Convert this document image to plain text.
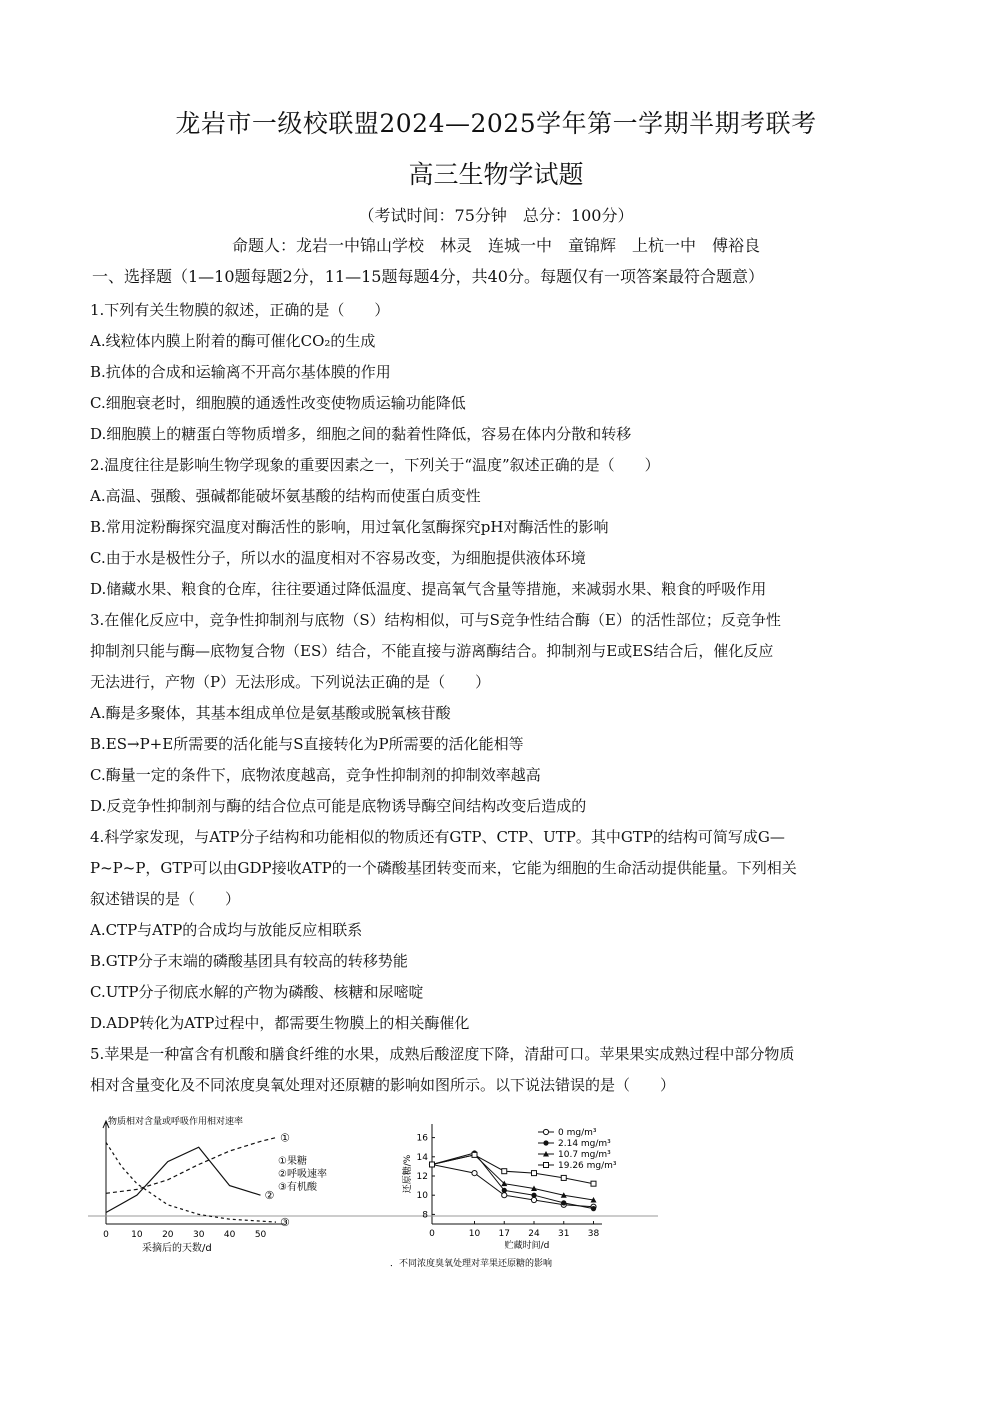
龙岩市一级校联盟2024—2025学年第一学期半期考联考
高三生物学试题
（考试时间：75分钟　总分：100分）
命题人：龙岩一中锦山学校　林灵　连城一中　童锦辉　上杭一中　傅裕良
一、选择题（1—10题每题2分，11—15题每题4分，共40分。每题仅有一项答案最符合题意）
1.下列有关生物膜的叙述，正确的是（　　）
A.线粒体内膜上附着的酶可催化CO₂的生成
B.抗体的合成和运输离不开高尔基体膜的作用
C.细胞衰老时，细胞膜的通透性改变使物质运输功能降低
D.细胞膜上的糖蛋白等物质增多，细胞之间的黏着性降低，容易在体内分散和转移
2.温度往往是影响生物学现象的重要因素之一，下列关于“温度”叙述正确的是（　　）
A.高温、强酸、强碱都能破坏氨基酸的结构而使蛋白质变性
B.常用淀粉酶探究温度对酶活性的影响，用过氧化氢酶探究pH对酶活性的影响
C.由于水是极性分子，所以水的温度相对不容易改变，为细胞提供液体环境
D.储藏水果、粮食的仓库，往往要通过降低温度、提高氧气含量等措施，来减弱水果、粮食的呼吸作用
3.在催化反应中，竞争性抑制剂与底物（S）结构相似，可与S竞争性结合酶（E）的活性部位；反竞争性
抑制剂只能与酶—底物复合物（ES）结合，不能直接与游离酶结合。抑制剂与E或ES结合后，催化反应
无法进行，产物（P）无法形成。下列说法正确的是（　　）
A.酶是多聚体，其基本组成单位是氨基酸或脱氧核苷酸
B.ES→P+E所需要的活化能与S直接转化为P所需要的活化能相等
C.酶量一定的条件下，底物浓度越高，竞争性抑制剂的抑制效率越高
D.反竞争性抑制剂与酶的结合位点可能是底物诱导酶空间结构改变后造成的
4.科学家发现，与ATP分子结构和功能相似的物质还有GTP、CTP、UTP。其中GTP的结构可简写成G—
P~P~P，GTP可以由GDP接收ATP的一个磷酸基团转变而来，它能为细胞的生命活动提供能量。下列相关
叙述错误的是（　　）
A.CTP与ATP的合成均与放能反应相联系
B.GTP分子末端的磷酸基团具有较高的转移势能
C.UTP分子彻底水解的产物为磷酸、核糖和尿嘧啶
D.ADP转化为ATP过程中，都需要生物膜上的相关酶催化
5.苹果是一种富含有机酸和膳食纤维的水果，成熟后酸涩度下降，清甜可口。苹果果实成熟过程中部分物质
相对含量变化及不同浓度臭氧处理对还原糖的影响如图所示。以下说法错误的是（　　）
物质相对含量或呼吸作用相对速率
0 10 20 30 40 50
采摘后的天数/d
①
②
③
①果糖
②呼吸速率
③有机酸
8
10
12
14
16
0	10 17 24 31 38
还原糖/%
贮藏时间/d
．不同浓度臭氧处理对苹果还原糖的影响
0 mg/m³
2.14 mg/m³
10.7 mg/m³
19.26 mg/m³
